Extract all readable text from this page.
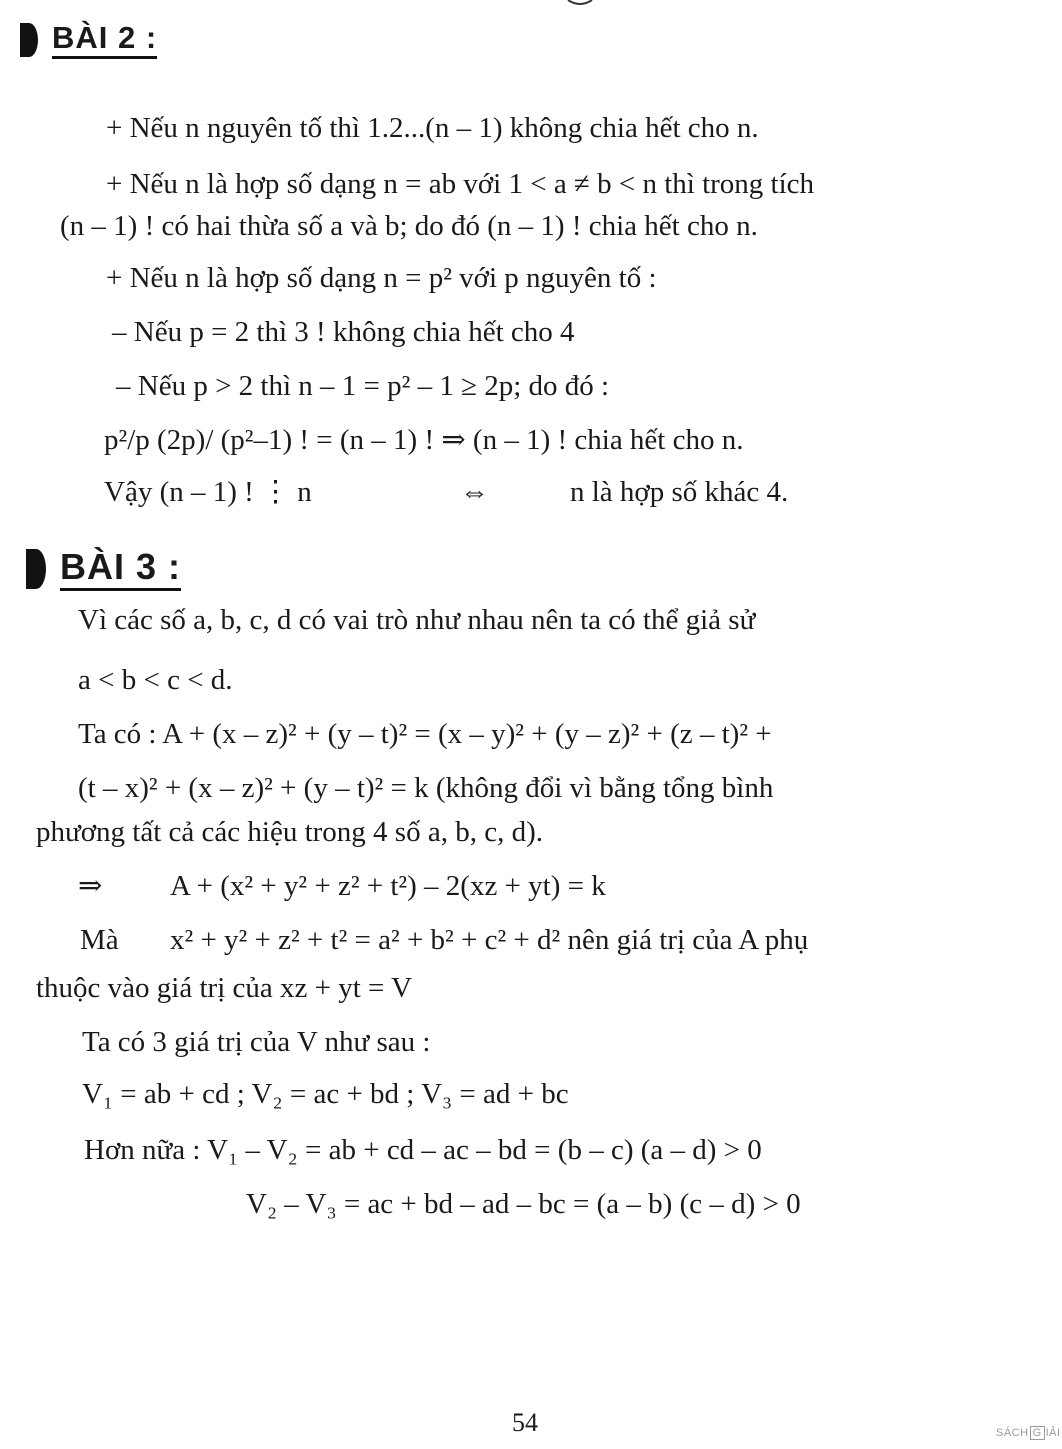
BÀI 2 :
+ Nếu n nguyên tố thì 1.2...(n – 1) không chia hết cho n.
+ Nếu n là hợp số dạng n = ab với 1 < a ≠ b < n thì trong tích
(n – 1) ! có hai thừa số a và b; do đó (n – 1) ! chia hết cho n.
+ Nếu n là hợp số dạng n = p² với p nguyên tố :
– Nếu p = 2 thì 3 ! không chia hết cho 4
– Nếu p > 2 thì n – 1 = p² – 1 ≥ 2p; do đó :
p²/p (2p)/ (p²–1) ! = (n – 1) ! ⇒ (n – 1) ! chia hết cho n.
Vậy (n – 1) ! ⋮ n	⇔	n là hợp số khác 4.
BÀI 3 :
Vì các số a, b, c, d có vai trò như nhau nên ta có thể giả sử
a < b < c < d.
Ta có : A + (x – z)² + (y – t)² = (x – y)² + (y – z)² + (z – t)² +
(t – x)² + (x – z)² + (y – t)² = k (không đổi vì bằng tổng bình
phương tất cả các hiệu trong 4 số a, b, c, d).
⇒ A + (x² + y² + z² + t²) – 2(xz + yt) = k
Mà x² + y² + z² + t² = a² + b² + c² + d² nên giá trị của A phụ
thuộc vào giá trị của xz + yt = V
Ta có 3 giá trị của V như sau :
V₁ = ab + cd ; V₂ = ac + bd ; V₃ = ad + bc
Hơn nữa : V₁ – V₂ = ab + cd – ac – bd = (b – c) (a – d) > 0
V₂ – V₃ = ac + bd – ad – bc = (a – b) (c – d) > 0
54	SÁCH G IẢI
